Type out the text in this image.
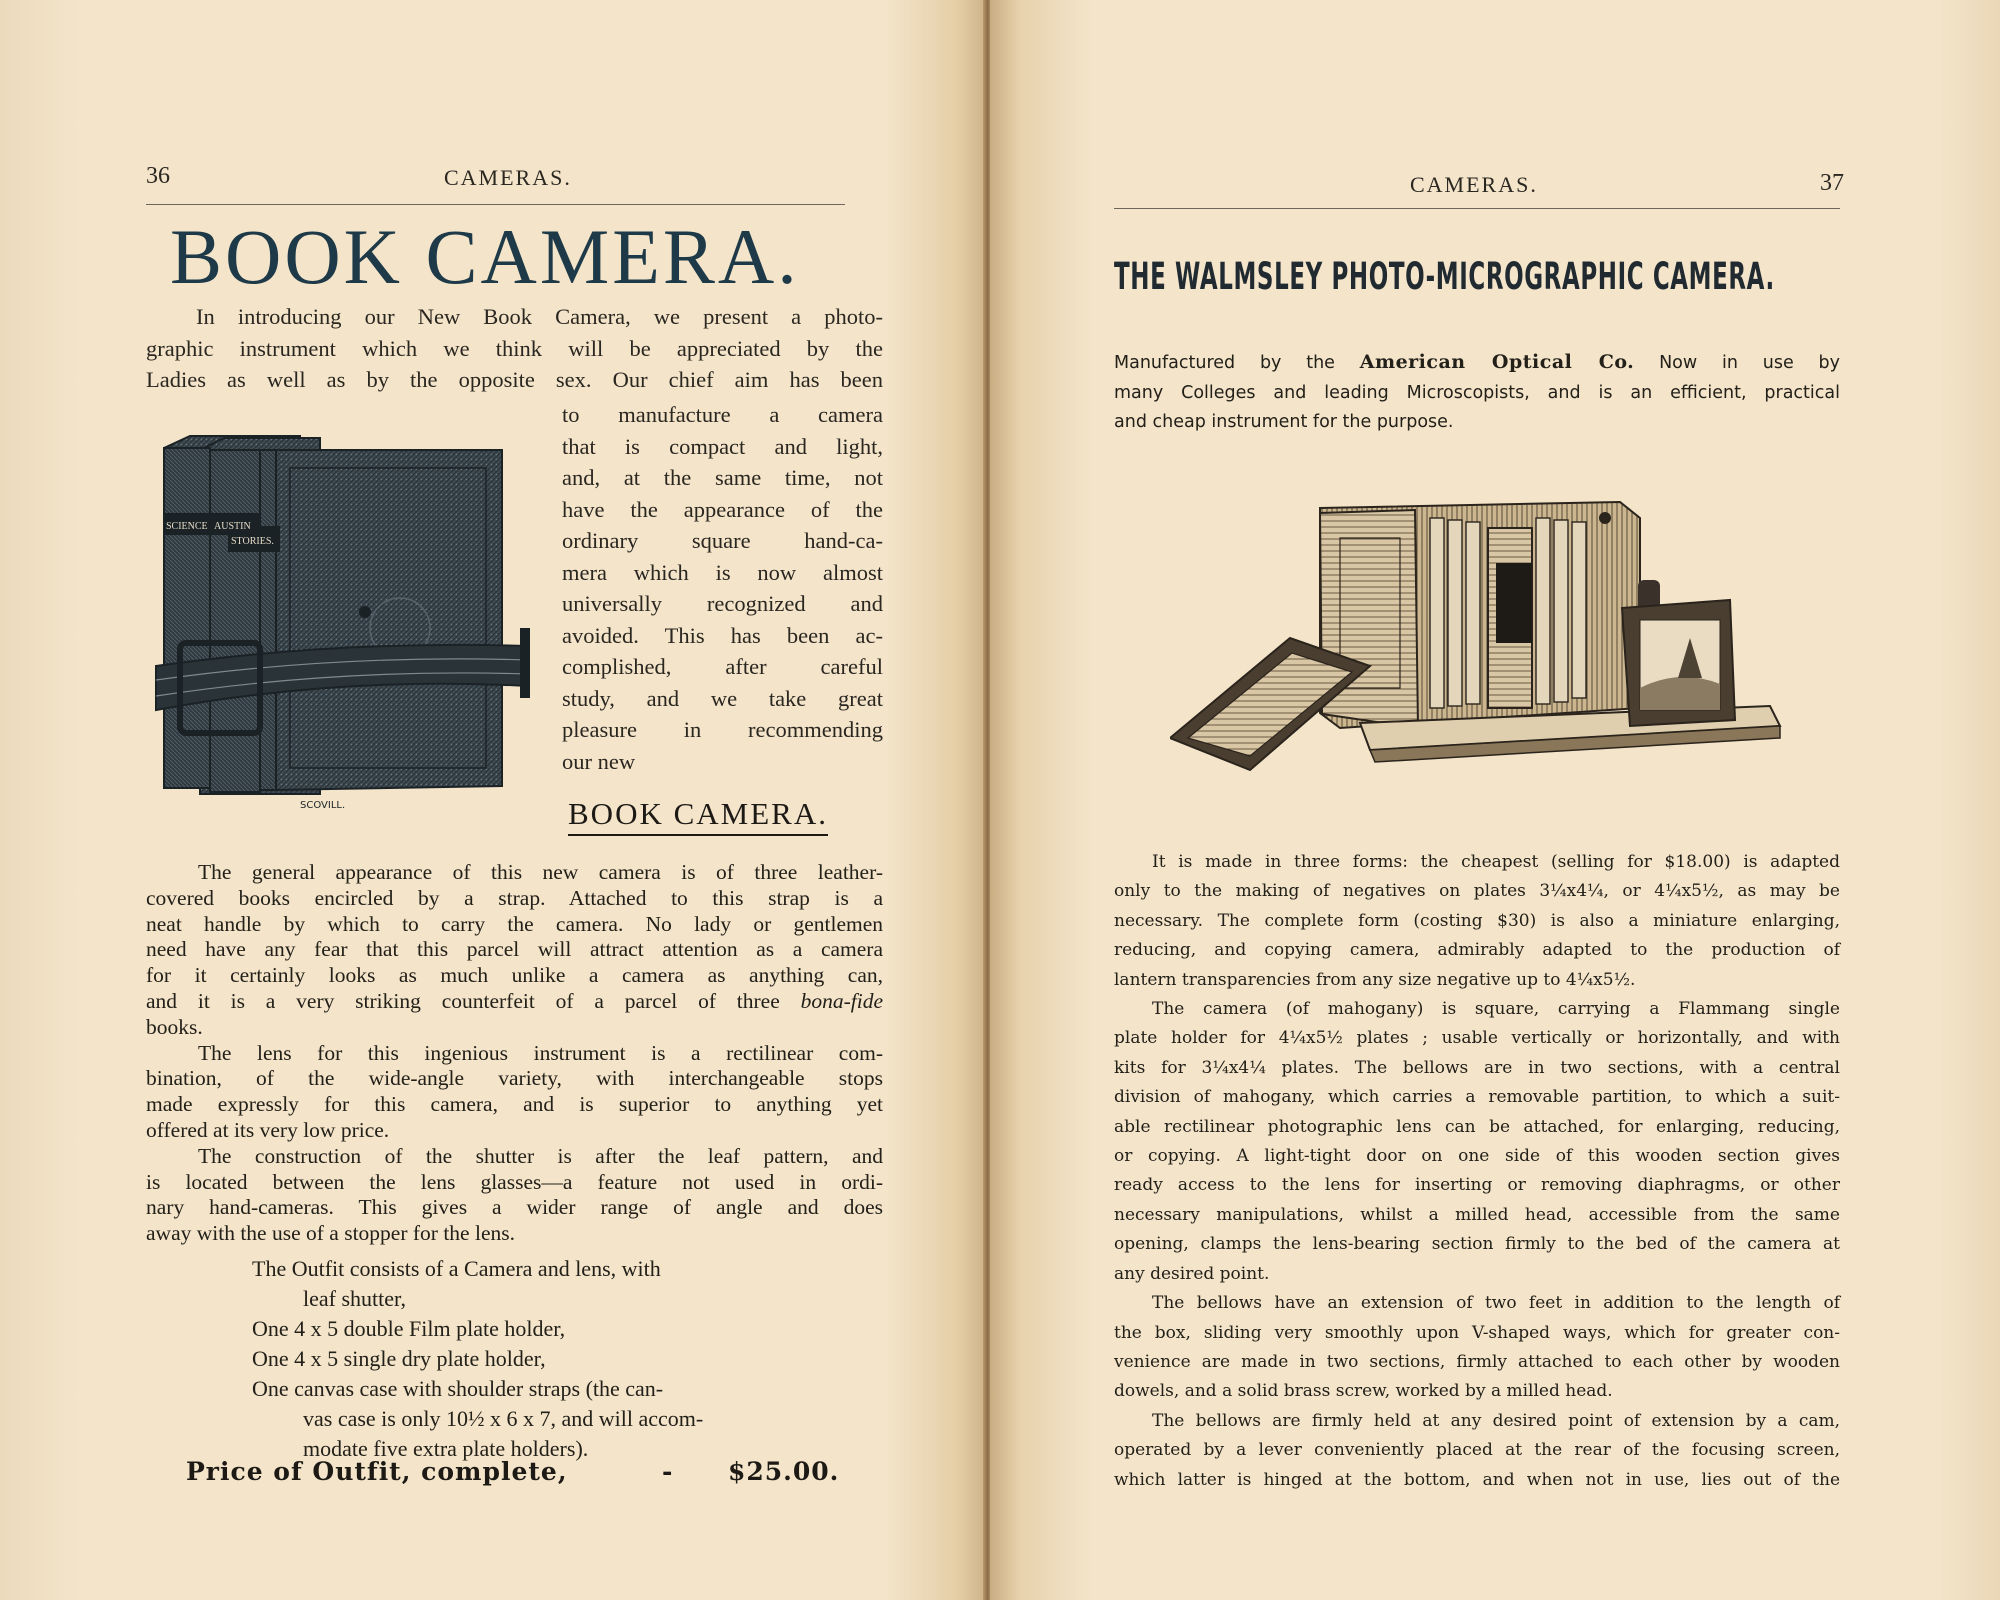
36	CAMERAS.
BOOK CAMERA.
In introducing our New Book Camera, we present a photo-
graphic instrument which we think will be appreciated by the
Ladies as well as by the opposite sex. Our chief aim has been
SCIENCE AUSTIN
STORIES.
SCOVILL.
to manufacture a camera
that is compact and light,
and, at the same time, not
have the appearance of the
ordinary square hand-ca-
mera which is now almost
universally recognized and
avoided. This has been ac-
complished, after careful
study, and we take great
pleasure in recommending
our new
BOOK CAMERA.
The general appearance of this new camera is of three leather-
covered books encircled by a strap. Attached to this strap is a
neat handle by which to carry the camera. No lady or gentlemen
need have any fear that this parcel will attract attention as a camera
for it certainly looks as much unlike a camera as anything can,
and it is a very striking counterfeit of a parcel of three bona-fide
books.
The lens for this ingenious instrument is a rectilinear com-
bination, of the wide-angle variety, with interchangeable stops
made expressly for this camera, and is superior to anything yet
offered at its very low price.
The construction of the shutter is after the leaf pattern, and
is located between the lens glasses—a feature not used in ordi-
nary hand-cameras. This gives a wider range of angle and does
away with the use of a stopper for the lens.
The Outfit consists of a Camera and lens, with
leaf shutter,
One 4 x 5 double Film plate holder,
One 4 x 5 single dry plate holder,
One canvas case with shoulder straps (the can-
vas case is only 10½ x 6 x 7, and will accom-
modate five extra plate holders).
Price of Outfit, complete,	- $25.00.
CAMERAS.	37
THE WALMSLEY PHOTO-MICROGRAPHIC CAMERA.
Manufactured by the American Optical Co. Now in use by
many Colleges and leading Microscopists, and is an efficient, practical
and cheap instrument for the purpose.
It is made in three forms: the cheapest (selling for $18.00) is adapted
only to the making of negatives on plates 3¼x4¼, or 4¼x5½, as may be
necessary. The complete form (costing $30) is also a miniature enlarging,
reducing, and copying camera, admirably adapted to the production of
lantern transparencies from any size negative up to 4¼x5½.
The camera (of mahogany) is square, carrying a Flammang single
plate holder for 4¼x5½ plates ; usable vertically or horizontally, and with
kits for 3¼x4¼ plates. The bellows are in two sections, with a central
division of mahogany, which carries a removable partition, to which a suit-
able rectilinear photographic lens can be attached, for enlarging, reducing,
or copying. A light-tight door on one side of this wooden section gives
ready access to the lens for inserting or removing diaphragms, or other
necessary manipulations, whilst a milled head, accessible from the same
opening, clamps the lens-bearing section firmly to the bed of the camera at
any desired point.
The bellows have an extension of two feet in addition to the length of
the box, sliding very smoothly upon V-shaped ways, which for greater con-
venience are made in two sections, firmly attached to each other by wooden
dowels, and a solid brass screw, worked by a milled head.
The bellows are firmly held at any desired point of extension by a cam,
operated by a lever conveniently placed at the rear of the focusing screen,
which latter is hinged at the bottom, and when not in use, lies out of the
